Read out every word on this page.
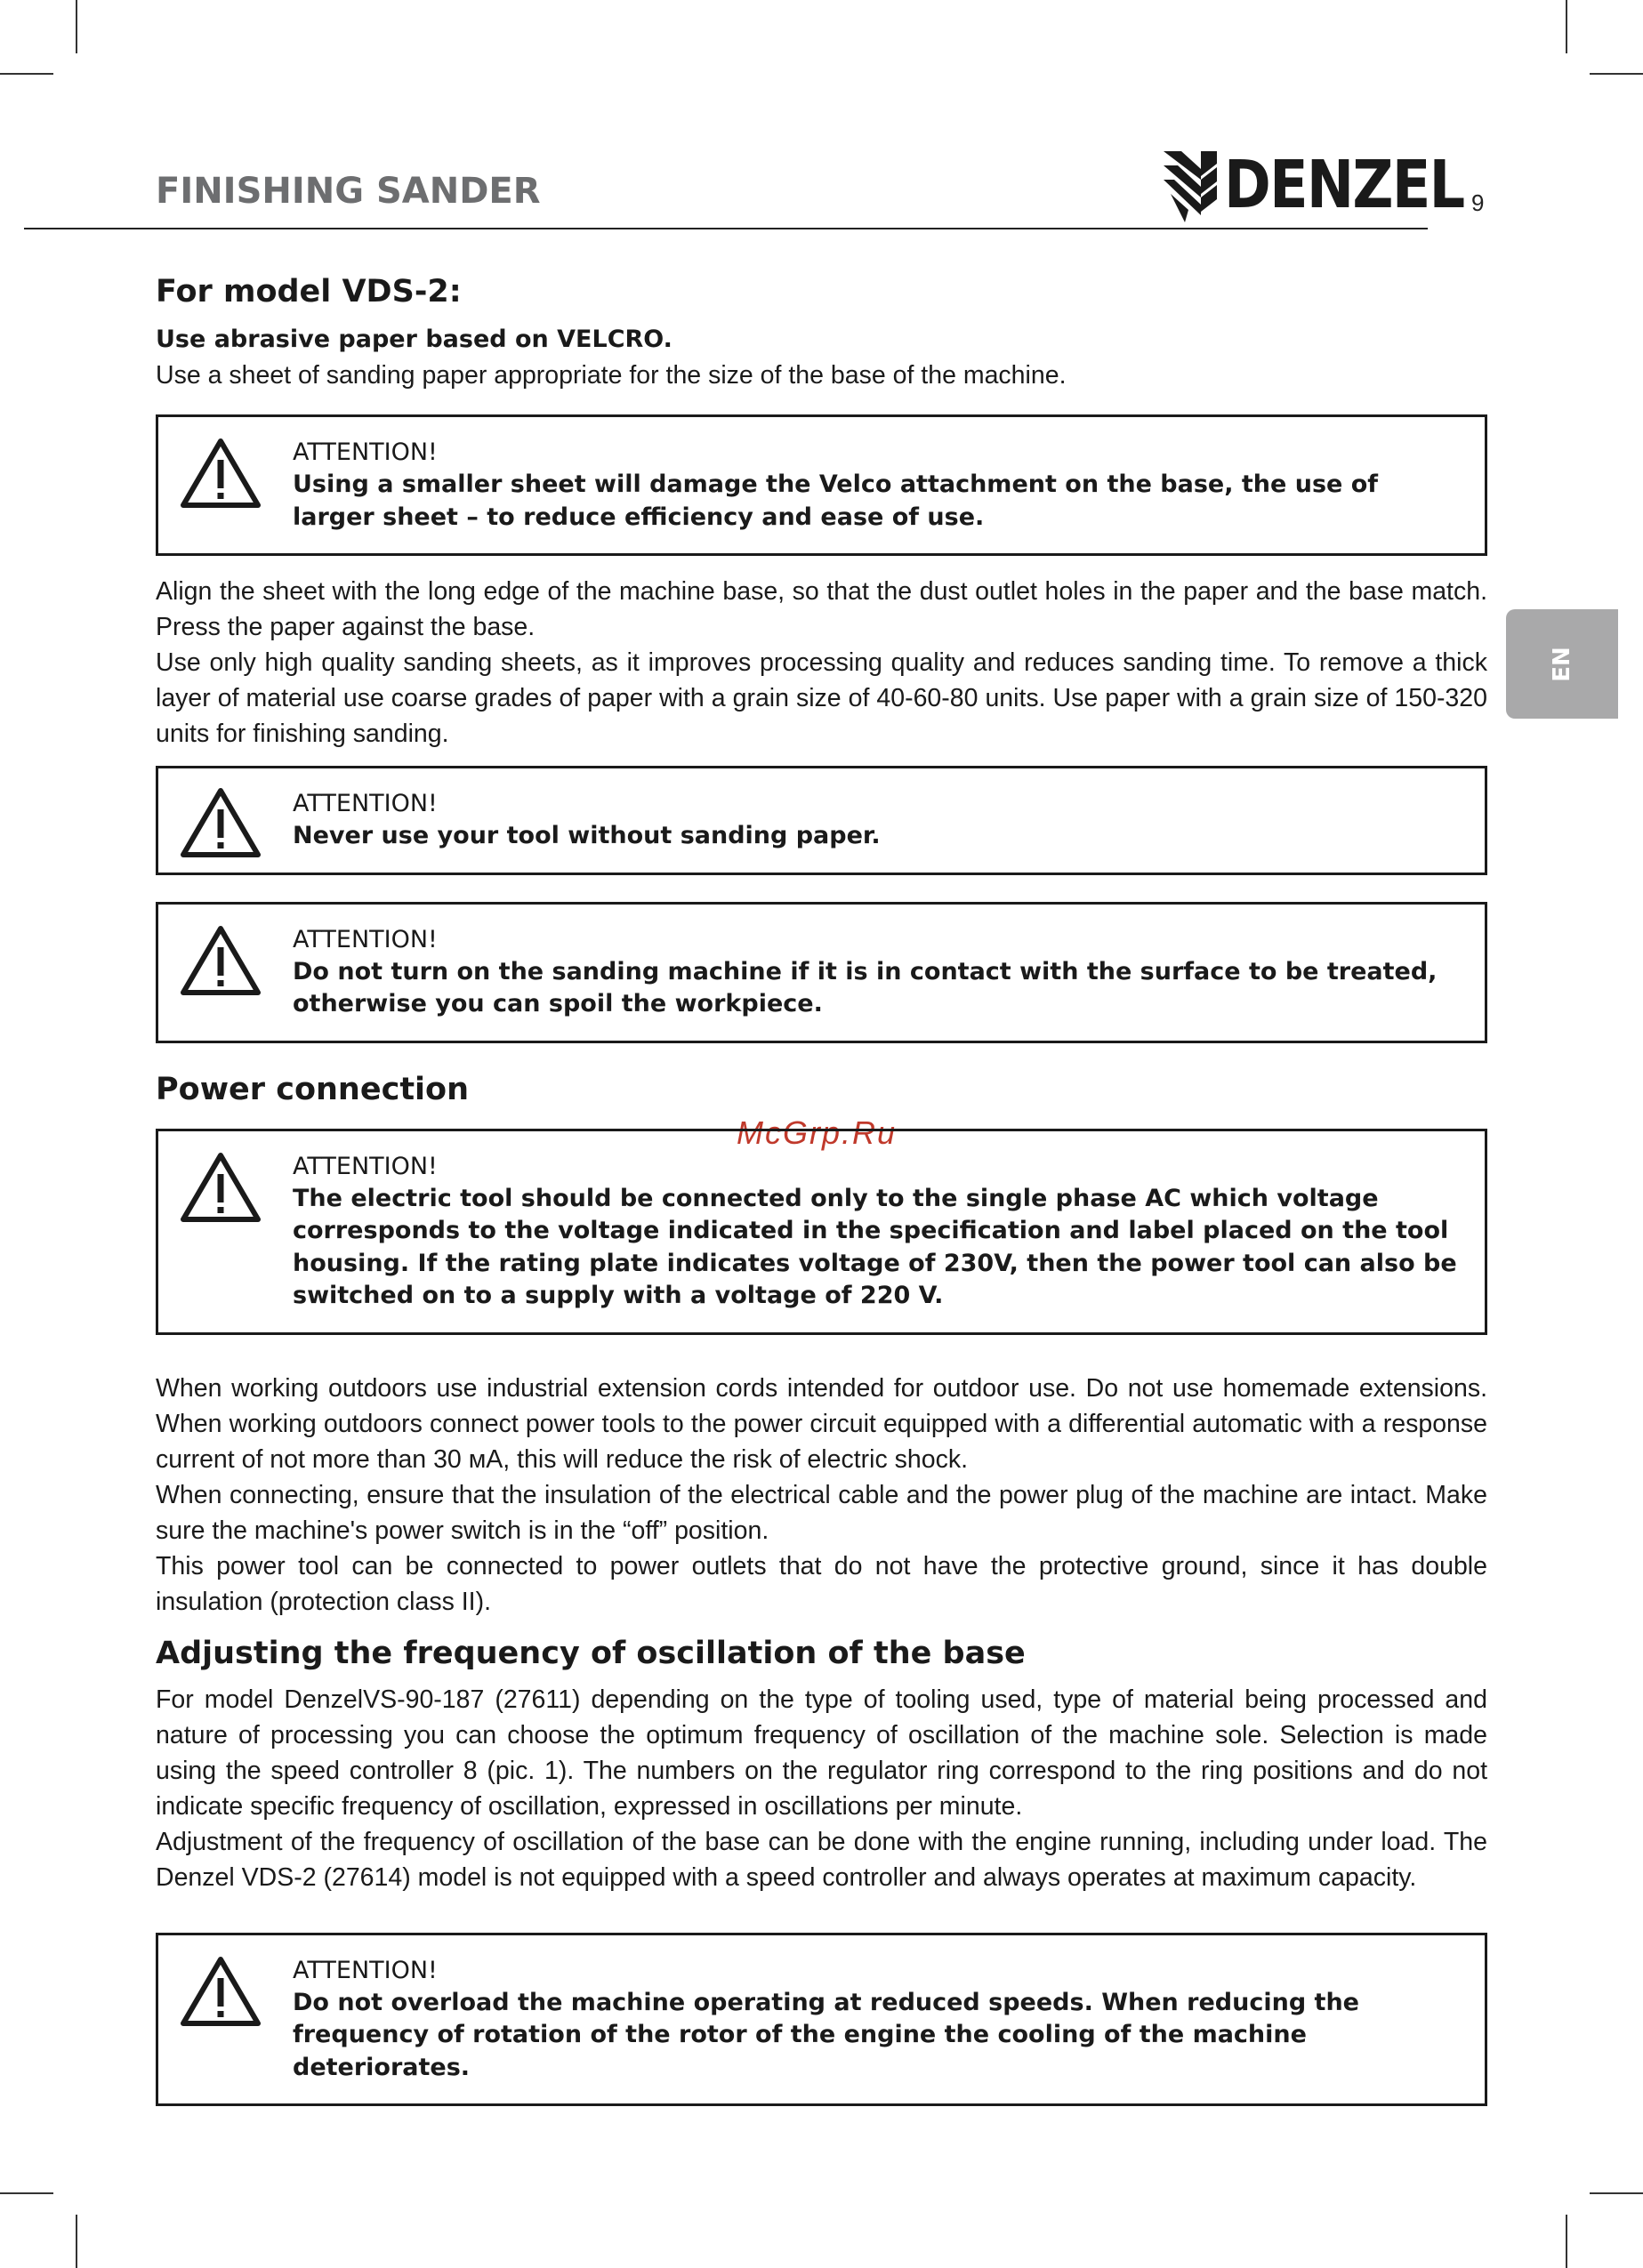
FINISHING SANDER
	DENZEL 9
EN
McGrp.Ru
For model VDS-2:
Use abrasive paper based on VELCRO.

Use a sheet of sanding paper appropriate for the size of the base of the machine.

ATTENTION!
Using a smaller sheet will damage the Velco attachment on the base, the use of larger sheet – to reduce efficiency and ease of use.

Align the sheet with the long edge of the machine base, so that the dust outlet holes in the paper and the base match. Press the paper against the base.

Use only high quality sanding sheets, as it improves processing quality and reduces sanding time. To remove a thick layer of material use coarse grades of paper with a grain size of 40-60-80 units. Use paper with a grain size of 150-320 units for finishing sanding.

ATTENTION!
Never use your tool without sanding paper.
ATTENTION!
Do not turn on the sanding machine if it is in contact with the surface to be treated, otherwise you can spoil the workpiece.
Power connection
ATTENTION!
The electric tool should be connected only to the single phase AC which voltage corresponds to the voltage indicated in the specification and label placed on the tool housing. If the rating plate indicates voltage of 230V, then the power tool can also be switched on to a supply with a voltage of 220 V.

When working outdoors use industrial extension cords intended for outdoor use. Do not use homemade extensions. When working outdoors connect power tools to the power circuit equipped with a differential automatic with a response current of not more than 30 мА, this will reduce the risk of electric shock.

When connecting, ensure that the insulation of the electrical cable and the power plug of the machine are intact. Make sure the machine's power switch is in the “off” position.

This power tool can be connected to power outlets that do not have the protective ground, since it has double insulation (protection class II).

Adjusting the frequency of oscillation of the base

For model DenzelVS-90-187 (27611) depending on the type of tooling used, type of material being processed and nature of processing you can choose the optimum frequency of oscillation of the machine sole. Selection is made using the speed controller 8 (pic. 1). The numbers on the regulator ring correspond to the ring positions and do not indicate specific frequency of oscillation, expressed in oscillations per minute.

Adjustment of the frequency of oscillation of the base can be done with the engine running, including under load. The Denzel VDS-2 (27614) model is not equipped with a speed controller and always operates at maximum capacity.

ATTENTION!
Do not overload the machine operating at reduced speeds. When reducing the frequency of rotation of the rotor of the engine the cooling of the machine deteriorates.
